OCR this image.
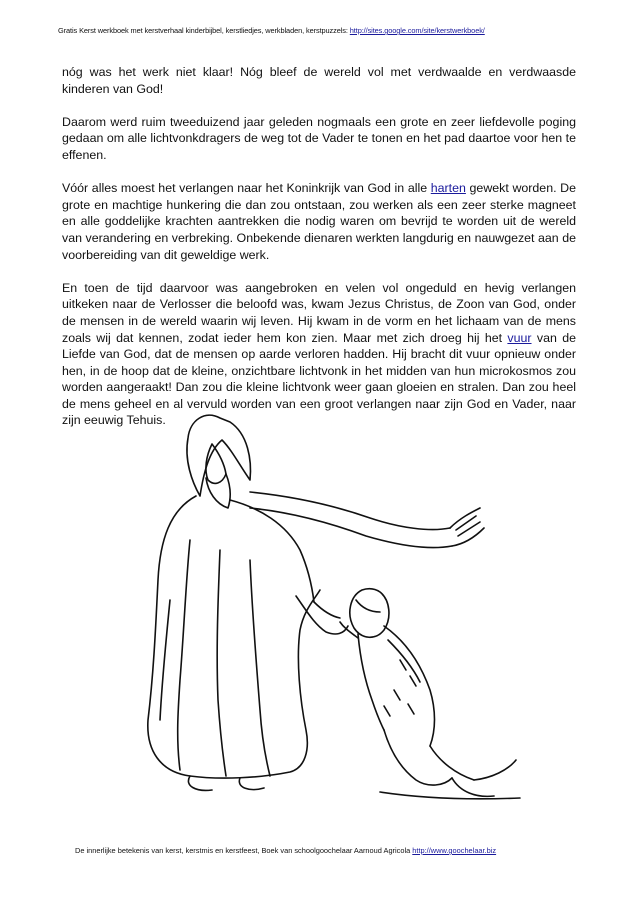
Gratis Kerst werkboek met kerstverhaal kinderbijbel, kerstliedjes, werkbladen, kerstpuzzels: http://sites.google.com/site/kerstwerkboek/

nóg was het werk niet klaar! Nóg bleef de wereld vol met verdwaalde en verdwaasde kinderen van God!

Daarom werd ruim tweeduizend jaar geleden nogmaals een grote en zeer liefdevolle poging gedaan om alle lichtvonkdragers de weg tot de Vader te tonen en het pad daartoe voor hen te effenen.

Vóór alles moest het verlangen naar het Koninkrijk van God in alle harten gewekt worden. De grote en machtige hunkering die dan zou ontstaan, zou werken als een zeer sterke magneet en alle goddelijke krachten aantrekken die nodig waren om bevrijd te worden uit de wereld van verandering en verbreking. Onbekende dienaren werkten langdurig en nauwgezet aan de voorbereiding van dit geweldige werk.

En toen de tijd daarvoor was aangebroken en velen vol ongeduld en hevig verlangen uitkeken naar de Verlosser die beloofd was, kwam Jezus Christus, de Zoon van God, onder de mensen in de wereld waarin wij leven. Hij kwam in de vorm en het lichaam van de mens zoals wij dat kennen, zodat ieder hem kon zien. Maar met zich droeg hij het vuur van de Liefde van God, dat de mensen op aarde verloren hadden. Hij bracht dit vuur opnieuw onder hen, in de hoop dat de kleine, onzichtbare lichtvonk in het midden van hun microkosmos zou worden aangeraakt! Dan zou die kleine lichtvonk weer gaan gloeien en stralen. Dan zou heel de mens geheel en al vervuld worden van een groot verlangen naar zijn God en Vader, naar zijn eeuwig Tehuis.

De innerlijke betekenis van kerst, kerstmis en kerstfeest, Boek van schoolgoochelaar Aarnoud Agricola http://www.goochelaar.biz
